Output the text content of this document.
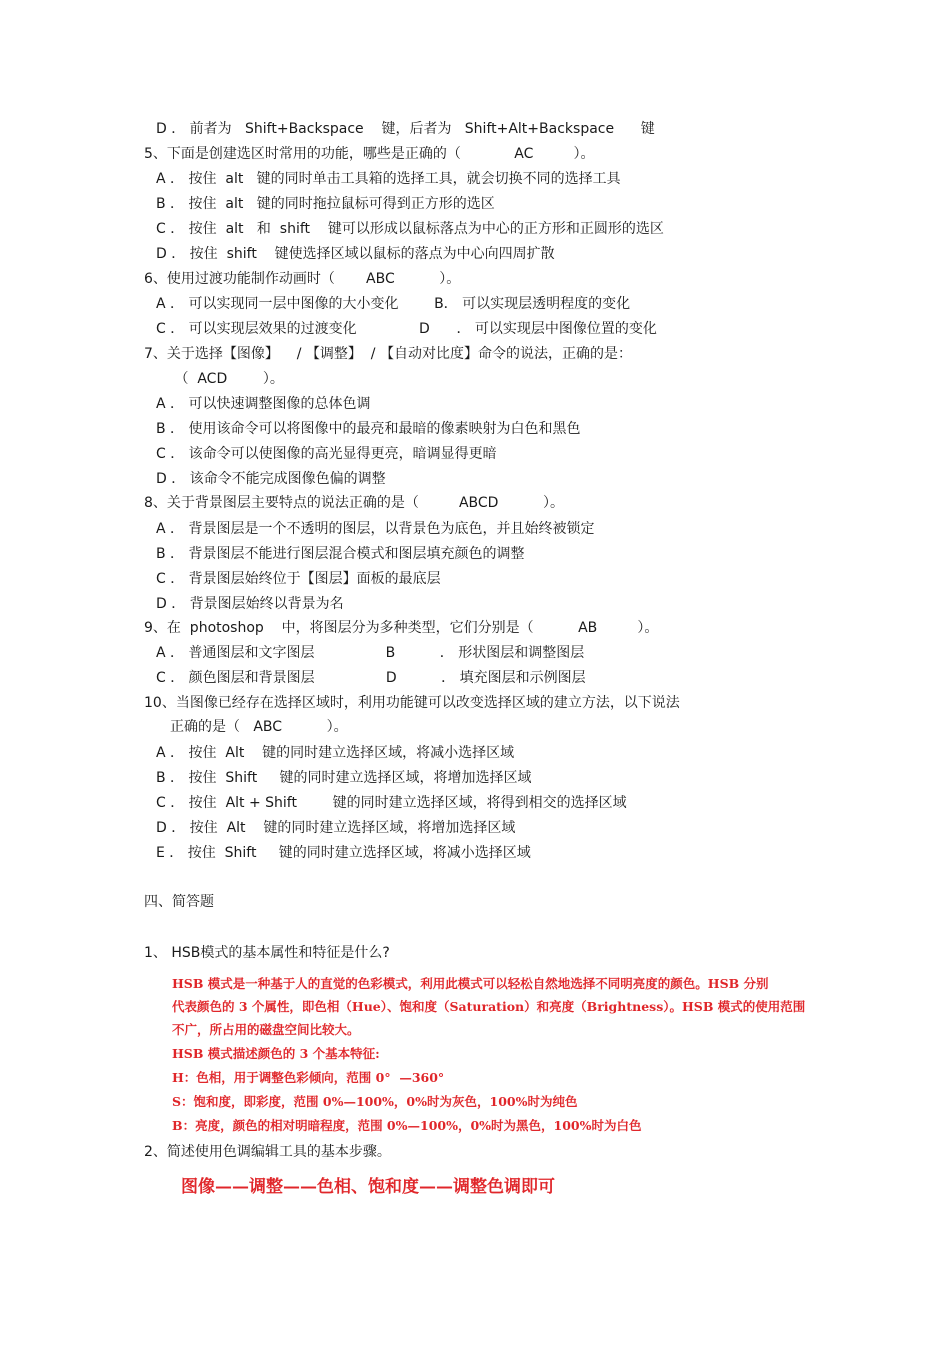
D ． 前者为   Shift+Backspace    键，后者为   Shift+Alt+Backspace      键
5、下面是创建选区时常用的功能，哪些是正确的（            AC         ）。
A ． 按住  alt   键的同时单击工具箱的选择工具，就会切换不同的选择工具
B ． 按住  alt   键的同时拖拉鼠标可得到正方形的选区
C ． 按住  alt   和  shift    键可以形成以鼠标落点为中心的正方形和正圆形的选区
D ． 按住  shift    键使选择区域以鼠标的落点为中心向四周扩散
6、使用过渡功能制作动画时（       ABC          ）。
A ． 可以实现同一层中图像的大小变化        B． 可以实现层透明程度的变化
C ． 可以实现层效果的过渡变化              D      ． 可以实现层中图像位置的变化
7、关于选择【图像】    / 【调整】  / 【自动对比度】命令的说法，正确的是：
（  ACD        ）。
A ． 可以快速调整图像的总体色调
B ． 使用该命令可以将图像中的最亮和最暗的像素映射为白色和黑色
C ． 该命令可以使图像的高光显得更亮，暗调显得更暗
D ． 该命令不能完成图像色偏的调整
8、关于背景图层主要特点的说法正确的是（         ABCD          ）。
A ． 背景图层是一个不透明的图层，以背景色为底色，并且始终被锁定
B ． 背景图层不能进行图层混合模式和图层填充颜色的调整
C ． 背景图层始终位于【图层】面板的最底层
D ． 背景图层始终以背景为名
9、在  photoshop    中，将图层分为多种类型，它们分别是（          AB         ）。
A ． 普通图层和文字图层                B          ． 形状图层和调整图层
C ． 颜色图层和背景图层                D          ． 填充图层和示例图层
10、当图像已经存在选择区域时，利用功能键可以改变选择区域的建立方法，以下说法
正确的是（   ABC          ）。
A ． 按住  Alt    键的同时建立选择区域，将减小选择区域
B ． 按住  Shift     键的同时建立选择区域，将增加选择区域
C ． 按住  Alt + Shift        键的同时建立选择区域，将得到相交的选择区域
D ． 按住  Alt    键的同时建立选择区域，将增加选择区域
E ． 按住  Shift     键的同时建立选择区域，将减小选择区域
四、简答题
1、 HSB模式的基本属性和特征是什么?
2、简述使用色调编辑工具的基本步骤。
HSB 模式是一种基于人的直觉的色彩模式，利用此模式可以轻松自然地选择不同明亮度的颜色。HSB 分别
代表颜色的 3 个属性，即色相（Hue）、饱和度（Saturation）和亮度（Brightness）。HSB 模式的使用范围
不广，所占用的磁盘空间比较大。
HSB 模式描述颜色的 3 个基本特征:
H：色相，用于调整色彩倾向，范围 0°  —360°
S：饱和度，即彩度，范围 0%—100%，0%时为灰色，100%时为纯色
B：亮度，颜色的相对明暗程度，范围 0%—100%，0%时为黑色，100%时为白色
图像——调整——色相、饱和度——调整色调即可
